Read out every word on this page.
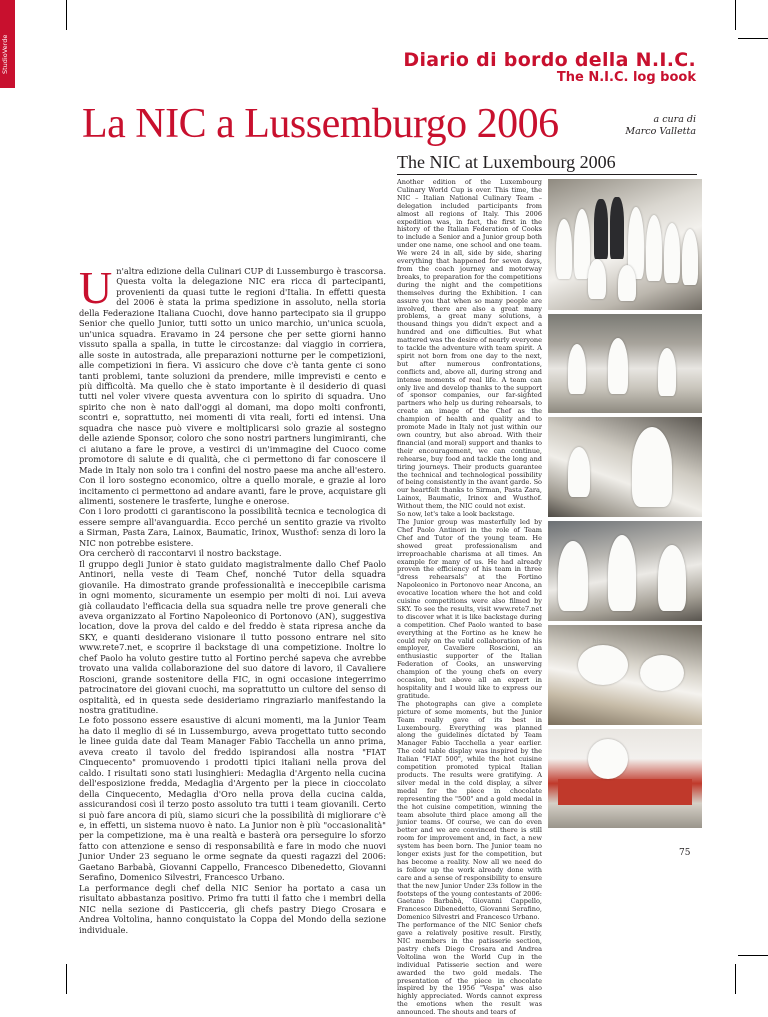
StudioVerde	Diario di bordo della N.I.C.
The N.I.C. log book
a cura di
Marco Valletta
La NIC a Lussemburgo 2006
The NIC at Luxembourg 2006

Un'altra edizione della Culinari CUP di Lussemburgo è trascorsa. Questa volta la delegazione NIC era ricca di partecipanti, provenienti da quasi tutte le regioni d'Italia. In effetti questa del 2006 è stata la prima spedizione in assoluto, nella storia della Federazione Italiana Cuochi, dove hanno partecipato sia il gruppo Senior che quello Junior, tutti sotto un unico marchio, un'unica scuola, un'unica squadra. Eravamo in 24 persone che per sette giorni hanno vissuto spalla a spalla, in tutte le circostanze: dal viaggio in corriera, alle soste in autostrada, alle preparazioni notturne per le competizioni, alle competizioni in fiera. Vi assicuro che dove c'è tanta gente ci sono tanti problemi, tante soluzioni da prendere, mille imprevisti e cento e più difficoltà. Ma quello che è stato importante è il desiderio di quasi tutti nel voler vivere questa avventura con lo spirito di squadra. Uno spirito che non è nato dall'oggi al domani, ma dopo molti confronti, scontri e, soprattutto, nei momenti di vita reali, forti ed intensi. Una squadra che nasce può vivere e moltiplicarsi solo grazie al sostegno delle aziende Sponsor, coloro che sono nostri partners lungimiranti, che ci aiutano a fare le prove, a vestirci di un'immagine del Cuoco come promotore di salute e di qualità, che ci permettono di far conoscere il Made in Italy non solo tra i confini del nostro paese ma anche all'estero. Con il loro sostegno economico, oltre a quello morale, e grazie al loro incitamento ci permettono ad andare avanti, fare le prove, acquistare gli alimenti, sostenere le trasferte, lunghe e onerose.

Con i loro prodotti ci garantiscono la possibilità tecnica e tecnologica di essere sempre all'avanguardia. Ecco perché un sentito grazie va rivolto a Sirman, Pasta Zara, Lainox, Baumatic, Irinox, Wusthof: senza di loro la NIC non potrebbe esistere.

Ora cercherò di raccontarvi il nostro backstage.

Il gruppo degli Junior è stato guidato magistralmente dallo Chef Paolo Antinori, nella veste di Team Chef, nonché Tutor della squadra giovanile. Ha dimostrato grande professionalità e ineccepibile carisma in ogni momento, sicuramente un esempio per molti di noi. Lui aveva già collaudato l'efficacia della sua squadra nelle tre prove generali che aveva organizzato al Fortino Napoleonico di Portonovo (AN), suggestiva location, dove la prova del caldo e del freddo è stata ripresa anche da SKY, e quanti desiderano visionare il tutto possono entrare nel sito www.rete7.net, e scoprire il backstage di una competizione. Inoltre lo chef Paolo ha voluto gestire tutto al Fortino perché sapeva che avrebbe trovato una valida collaborazione del suo datore di lavoro, il Cavaliere Roscioni, grande sostenitore della FIC, in ogni occasione integerrimo patrocinatore dei giovani cuochi, ma soprattutto un cultore del senso di ospitalità, ed in questa sede desideriamo ringraziarlo manifestando la nostra gratitudine.

Le foto possono essere esaustive di alcuni momenti, ma la Junior Team ha dato il meglio di sé in Lussemburgo, aveva progettato tutto secondo le linee guida date dal Team Manager Fabio Tacchella un anno prima, aveva creato il tavolo del freddo ispirandosi alla nostra "FIAT Cinquecento" promuovendo i prodotti tipici italiani nella prova del caldo. I risultati sono stati lusinghieri: Medaglia d'Argento nella cucina dell'esposizione fredda, Medaglia d'Argento per la piece in cioccolato della Cinquecento, Medaglia d'Oro nella prova della cucina calda, assicurandosi così il terzo posto assoluto tra tutti i team giovanili. Certo si può fare ancora di più, siamo sicuri che la possibilità di migliorare c'è e, in effetti, un sistema nuovo è nato. La Junior non è più "occasionalità" per la competizione, ma è una realtà e basterà ora perseguire lo sforzo fatto con attenzione e senso di responsabilità e fare in modo che nuovi Junior Under 23 seguano le orme segnate da questi ragazzi del 2006: Gaetano Barbabà, Giovanni Cappello, Francesco Dibenedetto, Giovanni Serafino, Domenico Silvestri, Francesco Urbano.

La performance degli chef della NIC Senior ha portato a casa un risultato abbastanza positivo. Primo fra tutti il fatto che i membri della NIC nella sezione di Pasticceria, gli chefs pastry Diego Crosara e Andrea Voltolina, hanno conquistato la Coppa del Mondo della sezione individuale.

Another edition of the Luxembourg Culinary World Cup is over. This time, the NIC – Italian National Culinary Team – delegation included participants from almost all regions of Italy. This 2006 expedition was, in fact, the first in the history of the Italian Federation of Cooks to include a Senior and a Junior group both under one name, one school and one team. We were 24 in all, side by side, sharing everything that happened for seven days, from the coach journey and motorway breaks, to preparation for the competitions during the night and the competitions themselves during the Exhibition. I can assure you that when so many people are involved, there are also a great many problems, a great many solutions, a thousand things you didn't expect and a hundred and one difficulties. But what mattered was the desire of nearly everyone to tackle the adventure with team spirit. A spirit not born from one day to the next, but after numerous confrontations, conflicts and, above all, during strong and intense moments of real life. A team can only live and develop thanks to the support of sponsor companies, our far-sighted partners who help us during rehearsals, to create an image of the Chef as the champion of health and quality and to promote Made in Italy not just within our own country, but also abroad. With their financial (and moral) support and thanks to their encouragement, we can continue, rehearse, buy food and tackle the long and tiring journeys. Their products guarantee the technical and technological possibility of being consistently in the avant garde. So our heartfelt thanks to Sirman, Pasta Zara, Lainox, Baumatic, Irinox and Wusthof. Without them, the NIC could not exist.

So now, let's take a look backstage.

The Junior group was masterfully led by Chef Paolo Antinori in the role of Team Chef and Tutor of the young team. He showed great professionalism and irreproachable charisma at all times. An example for many of us. He had already proven the efficiency of his team in three "dress rehearsals" at the Fortino Napoleonico in Portonovo near Ancona, an evocative location where the hot and cold cuisine competitions were also filmed by SKY. To see the results, visit www.rete7.net to discover what it is like backstage during a competition. Chef Paolo wanted to base everything at the Fortino as he knew he could rely on the valid collaboration of his employer, Cavaliere Roscioni, an enthusiastic supporter of the Italian Federation of Cooks, an unswerving champion of the young chefs on every occasion, but above all an expert in hospitality and I would like to express our gratitude.

The photographs can give a complete picture of some moments, but the Junior Team really gave of its best in Luxembourg. Everything was planned along the guidelines dictated by Team Manager Fabio Tacchella a year earlier. The cold table display was inspired by the Italian "FIAT 500", while the hot cuisine competition promoted typical Italian products. The results were gratifying. A silver medal in the cold display, a silver medal for the piece in chocolate representing the "500" and a gold medal in the hot cuisine competition, winning the team absolute third place among all the junior teams. Of course, we can do even better and we are convinced there is still room for improvement and, in fact, a new system has been born. The Junior team no longer exists just for the competition, but has become a reality. Now all we need do is follow up the work already done with care and a sense of responsibility to ensure that the new Junior Under 23s follow in the footsteps of the young contestants of 2006: Gaetano Barbabà, Giovanni Cappello, Francesco Dibenedetto, Giovanni Serafino, Domenico Silvestri and Francesco Urbano.

The performance of the NIC Senior chefs gave a relatively positive result. Firstly, NIC members in the patisserie section, pastry chefs Diego Crosara and Andrea Voltolina won the World Cup in the individual Patisserie section and were awarded the two gold medals. The presentation of the piece in chocolate inspired by the 1956 "Vespa" was also highly appreciated. Words cannot express the emotions when the result was announced. The shouts and tears of

75
